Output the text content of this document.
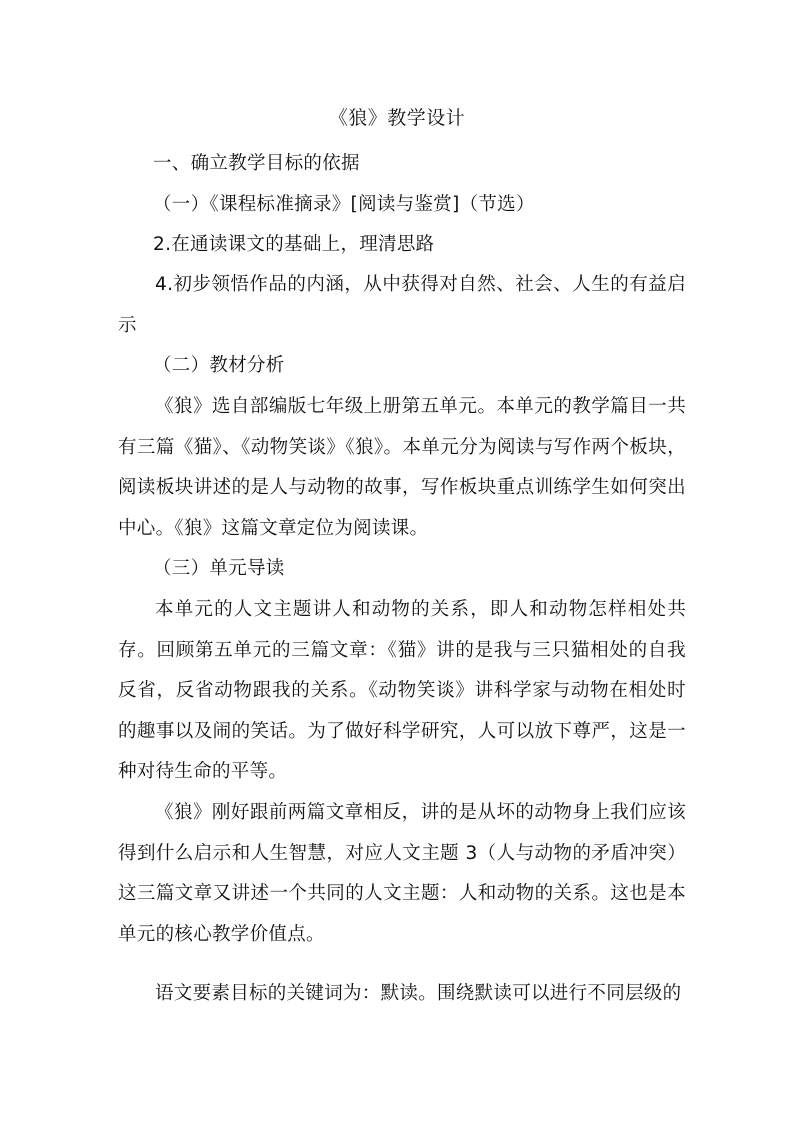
《狼》教学设计

一、确立教学目标的依据

（一）《课程标准摘录》[阅读与鉴赏]（节选）

2.在通读课文的基础上，理清思路

4.初步领悟作品的内涵，从中获得对自然、社会、人生的有益启示

（二）教材分析

《狼》选自部编版七年级上册第五单元。本单元的教学篇目一共有三篇《猫》、《动物笑谈》《狼》。本单元分为阅读与写作两个板块，阅读板块讲述的是人与动物的故事，写作板块重点训练学生如何突出中心。《狼》这篇文章定位为阅读课。

（三）单元导读

本单元的人文主题讲人和动物的关系，即人和动物怎样相处共存。回顾第五单元的三篇文章：《猫》讲的是我与三只猫相处的自我反省，反省动物跟我的关系。《动物笑谈》讲科学家与动物在相处时的趣事以及闹的笑话。为了做好科学研究，人可以放下尊严，这是一种对待生命的平等。

《狼》刚好跟前两篇文章相反，讲的是从坏的动物身上我们应该得到什么启示和人生智慧，对应人文主题 3（人与动物的矛盾冲突）这三篇文章又讲述一个共同的人文主题：人和动物的关系。这也是本单元的核心教学价值点。

语文要素目标的关键词为：默读。围绕默读可以进行不同层级的
